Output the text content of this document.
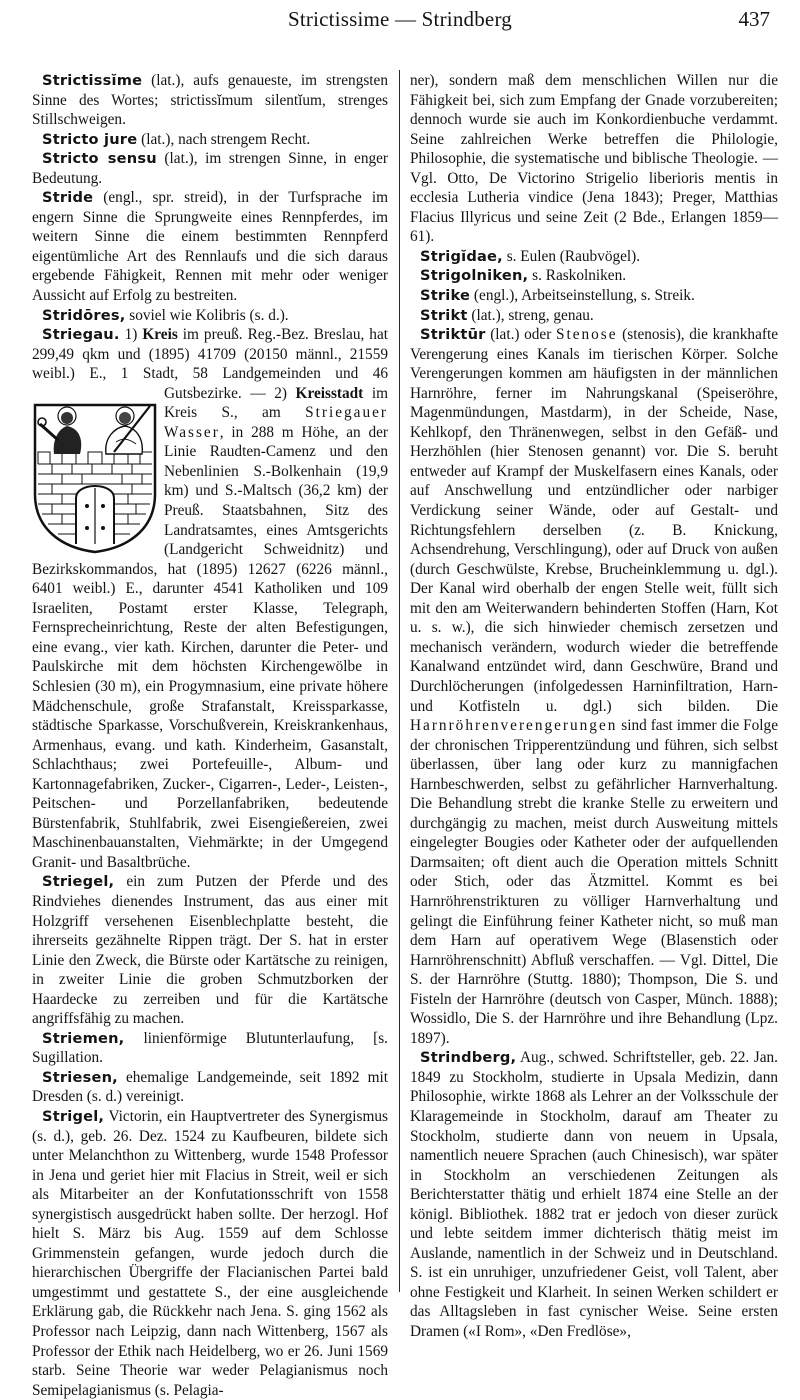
Strictissime — Strindberg	437

Strictissĭme (lat.), aufs genaueste, im strengsten Sinne des Wortes; strictissĭmum silentĭum, strenges Stillschweigen.

Stricto jure (lat.), nach strengem Recht.

Stricto sensu (lat.), im strengen Sinne, in enger Bedeutung.

Stride (engl., spr. streid), in der Turfsprache im engern Sinne die Sprungweite eines Rennpferdes, im weitern Sinne die einem bestimmten Rennpferd eigentümliche Art des Rennlaufs und die sich daraus ergebende Fähigkeit, Rennen mit mehr oder weniger Aussicht auf Erfolg zu bestreiten.

Stridōres, soviel wie Kolibris (s. d.).

Striegau. 1) Kreis im preuß. Reg.-Bez. Breslau, hat 299,49 qkm und (1895) 41709 (20150 männl., 21559 weibl.) E., 1 Stadt, 58 Landgemeinden und 46 Gutsbezirke. — 2) Kreisstadt im Kreis S., am Striegauer Wasser, in 288 m Höhe, an der Linie Raudten-Camenz und den Nebenlinien S.-Bolkenhain (19,9 km) und S.-Maltsch (36,2 km) der Preuß. Staatsbahnen, Sitz des Landratsamtes, eines Amtsgerichts (Landgericht Schweidnitz) und Bezirkskommandos, hat (1895) 12627 (6226 männl., 6401 weibl.) E., darunter 4541 Katholiken und 109 Israeliten, Postamt erster Klasse, Telegraph, Fernsprecheinrichtung, Reste der alten Befestigungen, eine evang., vier kath. Kirchen, darunter die Peter- und Paulskirche mit dem höchsten Kirchengewölbe in Schlesien (30 m), ein Progymnasium, eine private höhere Mädchenschule, große Strafanstalt, Kreissparkasse, städtische Sparkasse, Vorschußverein, Kreiskrankenhaus, Armenhaus, evang. und kath. Kinderheim, Gasanstalt, Schlachthaus; zwei Portefeuille-, Album- und Kartonnagefabriken, Zucker-, Cigarren-, Leder-, Leisten-, Peitschen- und Porzellanfabriken, bedeutende Bürstenfabrik, Stuhlfabrik, zwei Eisengießereien, zwei Maschinenbauanstalten, Viehmärkte; in der Umgegend Granit- und Basaltbrüche.

Striegel, ein zum Putzen der Pferde und des Rindviehes dienendes Instrument, das aus einer mit Holzgriff versehenen Eisenblechplatte besteht, die ihrerseits gezähnelte Rippen trägt. Der S. hat in erster Linie den Zweck, die Bürste oder Kartätsche zu reinigen, in zweiter Linie die groben Schmutzborken der Haardecke zu zerreiben und für die Kartätsche angriffsfähig zu machen.

Striemen, linienförmige Blutunterlaufung, [s. Sugillation.

Striesen, ehemalige Landgemeinde, seit 1892 mit Dresden (s. d.) vereinigt.

Strigel, Victorin, ein Hauptvertreter des Synergismus (s. d.), geb. 26. Dez. 1524 zu Kaufbeuren, bildete sich unter Melanchthon zu Wittenberg, wurde 1548 Professor in Jena und geriet hier mit Flacius in Streit, weil er sich als Mitarbeiter an der Konfutationsschrift von 1558 synergistisch ausgedrückt haben sollte. Der herzogl. Hof hielt S. März bis Aug. 1559 auf dem Schlosse Grimmenstein gefangen, wurde jedoch durch die hierarchischen Übergriffe der Flacianischen Partei bald umgestimmt und gestattete S., der eine ausgleichende Erklärung gab, die Rückkehr nach Jena. S. ging 1562 als Professor nach Leipzig, dann nach Wittenberg, 1567 als Professor der Ethik nach Heidelberg, wo er 26. Juni 1569 starb. Seine Theorie war weder Pelagianismus noch Semipelagianismus (s. Pelagia-

ner), sondern maß dem menschlichen Willen nur die Fähigkeit bei, sich zum Empfang der Gnade vorzubereiten; dennoch wurde sie auch im Konkordienbuche verdammt. Seine zahlreichen Werke betreffen die Philologie, Philosophie, die systematische und biblische Theologie. — Vgl. Otto, De Victorino Strigelio liberioris mentis in ecclesia Lutheria vindice (Jena 1843); Preger, Matthias Flacius Illyricus und seine Zeit (2 Bde., Erlangen 1859—61).

Strigĭdae, s. Eulen (Raubvögel).

Strigolniken, s. Raskolniken.

Strike (engl.), Arbeitseinstellung, s. Streik.

Strikt (lat.), streng, genau.

Striktūr (lat.) oder Stenose (stenosis), die krankhafte Verengerung eines Kanals im tierischen Körper. Solche Verengerungen kommen am häufigsten in der männlichen Harnröhre, ferner im Nahrungskanal (Speiseröhre, Magenmündungen, Mastdarm), in der Scheide, Nase, Kehlkopf, den Thränenwegen, selbst in den Gefäß- und Herzhöhlen (hier Stenosen genannt) vor. Die S. beruht entweder auf Krampf der Muskelfasern eines Kanals, oder auf Anschwellung und entzündlicher oder narbiger Verdickung seiner Wände, oder auf Gestalt- und Richtungsfehlern derselben (z. B. Knickung, Achsendrehung, Verschlingung), oder auf Druck von außen (durch Geschwülste, Krebse, Brucheinklemmung u. dgl.). Der Kanal wird oberhalb der engen Stelle weit, füllt sich mit den am Weiterwandern behinderten Stoffen (Harn, Kot u. s. w.), die sich hinwieder chemisch zersetzen und mechanisch verändern, wodurch wieder die betreffende Kanalwand entzündet wird, dann Geschwüre, Brand und Durchlöcherungen (infolgedessen Harninfiltration, Harn- und Kotfisteln u. dgl.) sich bilden. Die Harnröhrenverengerungen sind fast immer die Folge der chronischen Tripperentzündung und führen, sich selbst überlassen, über lang oder kurz zu mannigfachen Harnbeschwerden, selbst zu gefährlicher Harnverhaltung. Die Behandlung strebt die kranke Stelle zu erweitern und durchgängig zu machen, meist durch Ausweitung mittels eingelegter Bougies oder Katheter oder der aufquellenden Darmsaiten; oft dient auch die Operation mittels Schnitt oder Stich, oder das Ätzmittel. Kommt es bei Harnröhrenstrikturen zu völliger Harnverhaltung und gelingt die Einführung feiner Katheter nicht, so muß man dem Harn auf operativem Wege (Blasenstich oder Harnröhrenschnitt) Abfluß verschaffen. — Vgl. Dittel, Die S. der Harnröhre (Stuttg. 1880); Thompson, Die S. und Fisteln der Harnröhre (deutsch von Casper, Münch. 1888); Wossidlo, Die S. der Harnröhre und ihre Behandlung (Lpz. 1897).

Strindberg, Aug., schwed. Schriftsteller, geb. 22. Jan. 1849 zu Stockholm, studierte in Upsala Medizin, dann Philosophie, wirkte 1868 als Lehrer an der Volksschule der Klaragemeinde in Stockholm, darauf am Theater zu Stockholm, studierte dann von neuem in Upsala, namentlich neuere Sprachen (auch Chinesisch), war später in Stockholm an verschiedenen Zeitungen als Berichterstatter thätig und erhielt 1874 eine Stelle an der königl. Bibliothek. 1882 trat er jedoch von dieser zurück und lebte seitdem immer dichterisch thätig meist im Auslande, namentlich in der Schweiz und in Deutschland. S. ist ein unruhiger, unzufriedener Geist, voll Talent, aber ohne Festigkeit und Klarheit. In seinen Werken schildert er das Alltagsleben in fast cynischer Weise. Seine ersten Dramen («I Rom», «Den Fredlöse»,
